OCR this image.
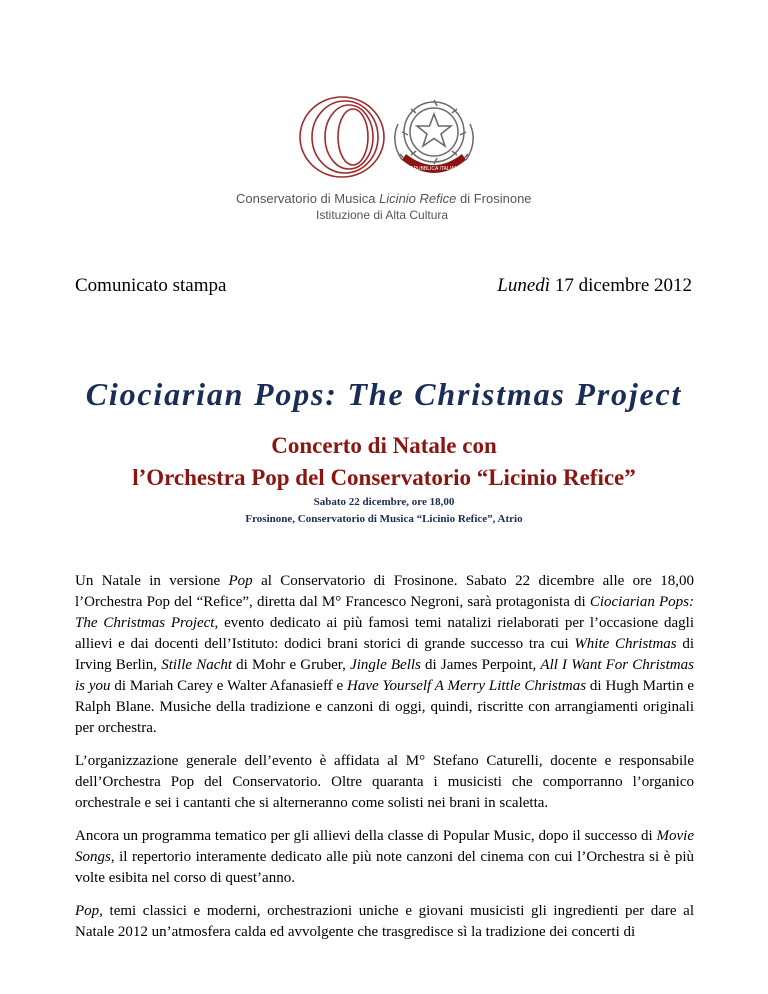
REPUBBLICA ITALIANA
Conservatorio di Musica Licinio Refice di Frosinone
Istituzione di Alta Cultura
Comunicato stampa	Lunedì 17 dicembre 2012
Ciociarian Pops: The Christmas Project
Concerto di Natale con
l’Orchestra Pop del Conservatorio “Licinio Refice”
Sabato 22 dicembre, ore 18,00
Frosinone, Conservatorio di Musica “Licinio Refice”, Atrio

Un Natale in versione Pop al Conservatorio di Frosinone. Sabato 22 dicembre alle ore 18,00 l’Orchestra Pop del “Refice”, diretta dal M° Francesco Negroni, sarà protagonista di Ciociarian Pops: The Christmas Project, evento dedicato ai più famosi temi natalizi rielaborati per l’occasione dagli allievi e dai docenti dell’Istituto: dodici brani storici di grande successo tra cui White Christmas di Irving Berlin, Stille Nacht di Mohr e Gruber, Jingle Bells di James Perpoint, All I Want For Christmas is you di Mariah Carey e Walter Afanasieff e Have Yourself A Merry Little Christmas di Hugh Martin e Ralph Blane. Musiche della tradizione e canzoni di oggi, quindi, riscritte con arrangiamenti originali per orchestra.

L’organizzazione generale dell’evento è affidata al M° Stefano Caturelli, docente e responsabile dell’Orchestra Pop del Conservatorio. Oltre quaranta i musicisti che comporranno l’organico orchestrale e sei i cantanti che si alterneranno come solisti nei brani in scaletta.

Ancora un programma tematico per gli allievi della classe di Popular Music, dopo il successo di Movie Songs, il repertorio interamente dedicato alle più note canzoni del cinema con cui l’Orchestra si è più volte esibita nel corso di quest’anno.

Pop, temi classici e moderni, orchestrazioni uniche e giovani musicisti gli ingredienti per dare al Natale 2012 un’atmosfera calda ed avvolgente che trasgredisce sì la tradizione dei concerti di
